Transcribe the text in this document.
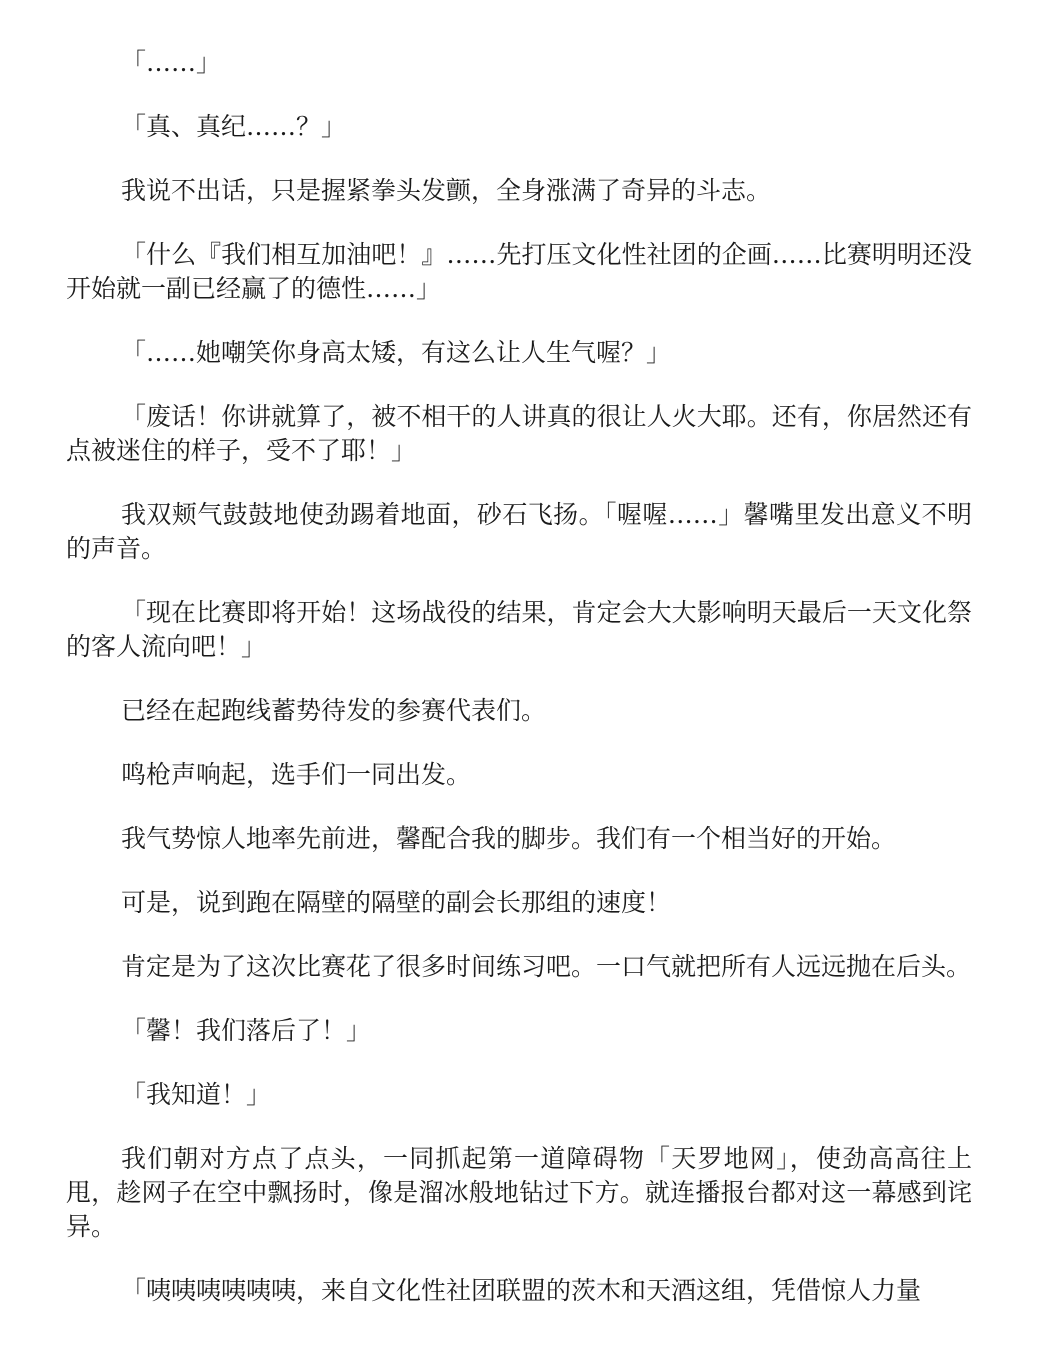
「……」

「真、真纪……？」

我说不出话，只是握紧拳头发颤，全身涨满了奇异的斗志。

「什么『我们相互加油吧！』……先打压文化性社团的企画……比赛明明还没开始就一副已经赢了的德性……」

「……她嘲笑你身高太矮，有这么让人生气喔？」

「废话！你讲就算了，被不相干的人讲真的很让人火大耶。还有，你居然还有点被迷住的样子，受不了耶！」

我双颊气鼓鼓地使劲踢着地面，砂石飞扬。「喔喔……」馨嘴里发出意义不明的声音。

「现在比赛即将开始！这场战役的结果，肯定会大大影响明天最后一天文化祭的客人流向吧！」

已经在起跑线蓄势待发的参赛代表们。

鸣枪声响起，选手们一同出发。

我气势惊人地率先前进，馨配合我的脚步。我们有一个相当好的开始。

可是，说到跑在隔壁的隔壁的副会长那组的速度！

肯定是为了这次比赛花了很多时间练习吧。一口气就把所有人远远抛在后头。

「馨！我们落后了！」

「我知道！」

我们朝对方点了点头，一同抓起第一道障碍物「天罗地网」，使劲高高往上甩，趁网子在空中飘扬时，像是溜冰般地钻过下方。就连播报台都对这一幕感到诧异。

「咦咦咦咦咦咦，来自文化性社团联盟的茨木和天酒这组，凭借惊人力量
